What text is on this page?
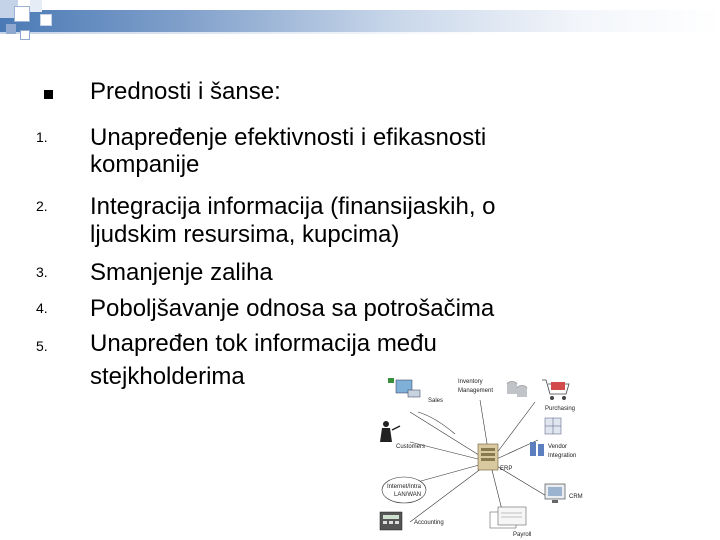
Prednosti i šanse:
1.	Unapređenje efektivnosti i efikasnosti
kompanije
2.	Integracija informacija (finansijaskih, o
ljudskim resursima, kupcima)
3.	Smanjenje zaliha
4.	Poboljšavanje odnosa sa potrošačima
5.	Unapređen tok informacija među
stejkholderima
ERP
Sales
Inventory
Management
Purchasing
Customers	Vendor
Integration
Internet/Intra
LAN/WAN	CRM
Accounting
Payroll
